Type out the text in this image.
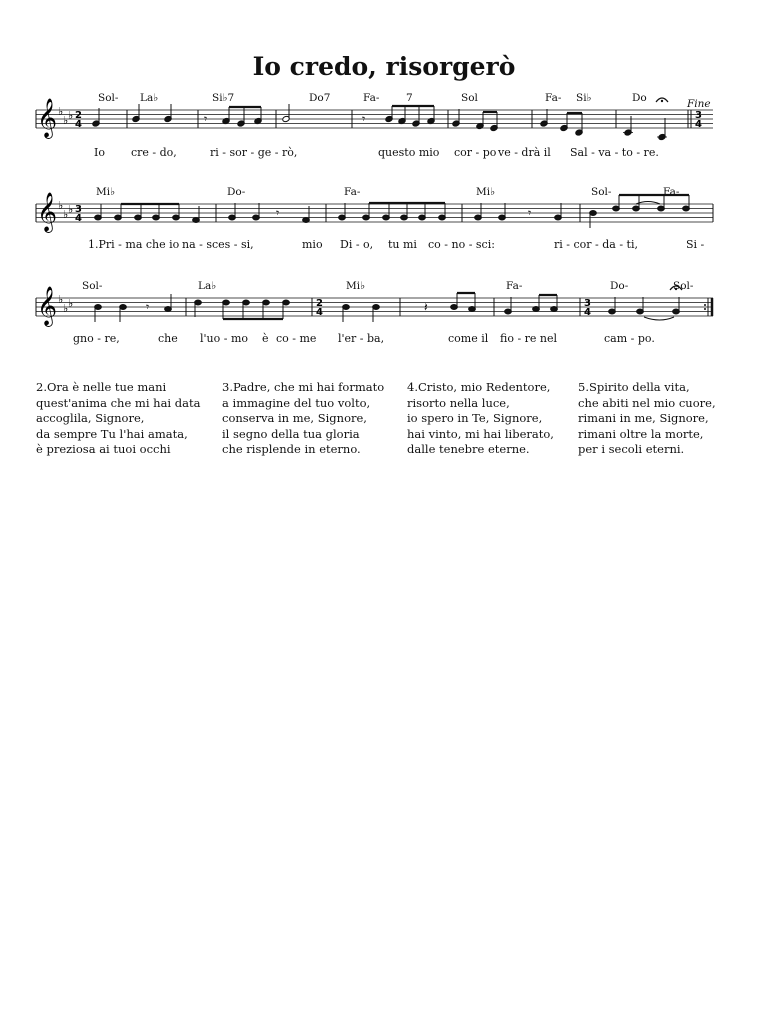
Io credo, risorgerò
𝄞 ♭
♭ ♭ 2
4
3
4
𝄾	𝄾
Fine
Sol- La♭	Si♭7	Do7	Fa-	7	Sol	Fa- Si♭	Do
Io cre - do,	ri - sor - ge - rò,	questo mio cor - po ve - drà il Sal - va - to - re.
𝄞 ♭
♭ ♭ 3
4	𝄾	𝄾
Mi♭	Do-	Fa-	Mi♭	Sol-	Fa-
1.Pri - ma che io na - sces - si,	mio Di - o, tu mi co - no - sci:	ri - cor - da - ti,	Si -
𝄞 ♭
♭ ♭	2
4
3
4
𝄾	𝄽
Sol-	La♭	Mi♭	Fa-	Do-	Sol-
gno - re,	che l'uo - mo è co - me l'er - ba,	come il fio - re nel	cam - po.
2.Ora è nelle tue mani
quest'anima che mi hai data
accoglila, Signore,
da sempre Tu l'hai amata,
è preziosa ai tuoi occhi
3.Padre, che mi hai formato
a immagine del tuo volto,
conserva in me, Signore,
il segno della tua gloria
che risplende in eterno.
4.Cristo, mio Redentore,
risorto nella luce,
io spero in Te, Signore,
hai vinto, mi hai liberato,
dalle tenebre eterne.
5.Spirito della vita,
che abiti nel mio cuore,
rimani in me, Signore,
rimani oltre la morte,
per i secoli eterni.
